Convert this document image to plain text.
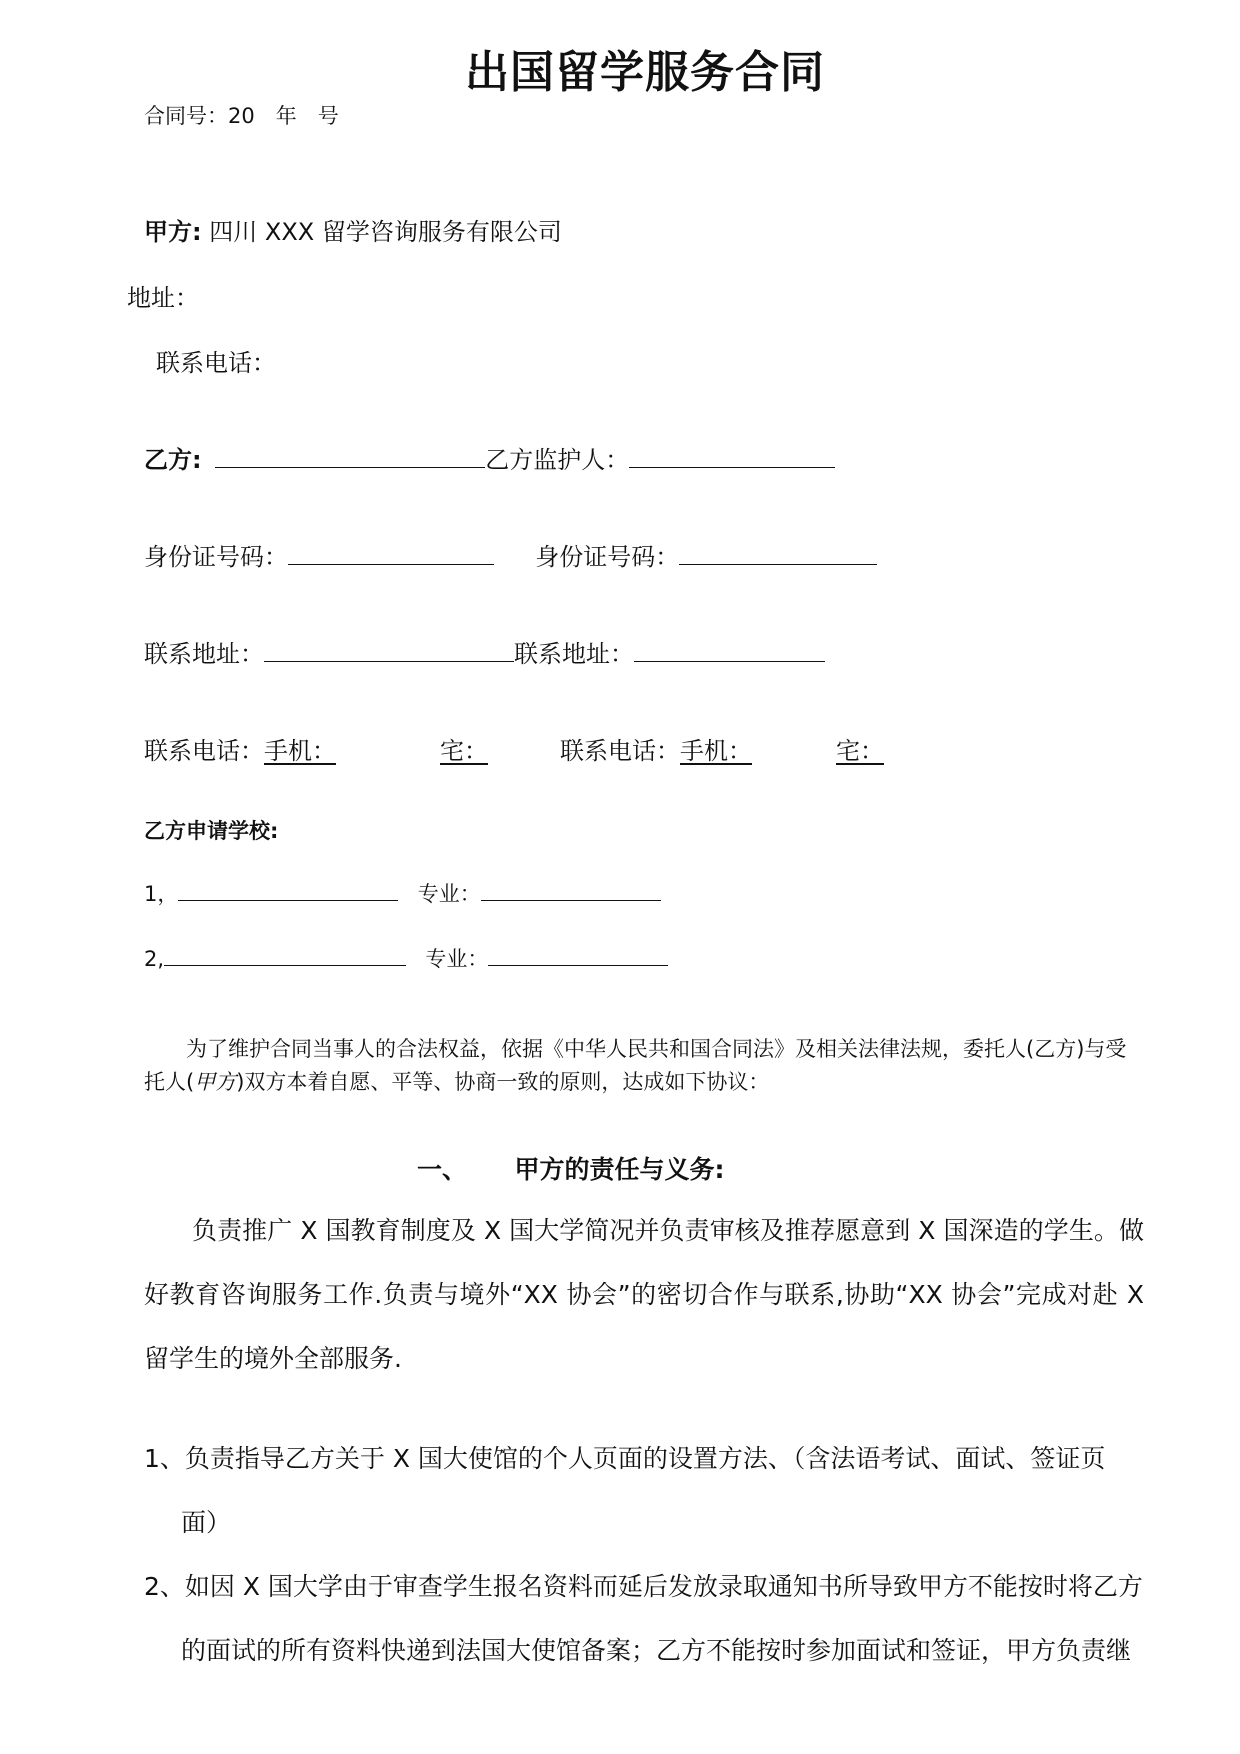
出国留学服务合同
合同号：20　年　号
甲方: 四川 XXX 留学咨询服务有限公司
地址：
联系电话：
乙方:	乙方监护人：
身份证号码：	身份证号码：
联系地址：	联系地址：
联系电话：手机：	宅：	联系电话：手机：	宅：
乙方申请学校:
1，	专业：
2,	专业：
为了维护合同当事人的合法权益，依据《中华人民共和国合同法》及相关法律法规，委托人(乙方)与受托人(甲方)双方本着自愿、平等、协商一致的原则，达成如下协议：
一、 甲方的责任与义务:
负责推广 X 国教育制度及 X 国大学简况并负责审核及推荐愿意到 X 国深造的学生。做好教育咨询服务工作.负责与境外“XX 协会”的密切合作与联系,协助“XX 协会”完成对赴 X 留学生的境外全部服务.
1、负责指导乙方关于 X 国大使馆的个人页面的设置方法、（含法语考试、面试、签证页
面）
2、如因 X 国大学由于审查学生报名资料而延后发放录取通知书所导致甲方不能按时将乙方
的面试的所有资料快递到法国大使馆备案；乙方不能按时参加面试和签证，甲方负责继
